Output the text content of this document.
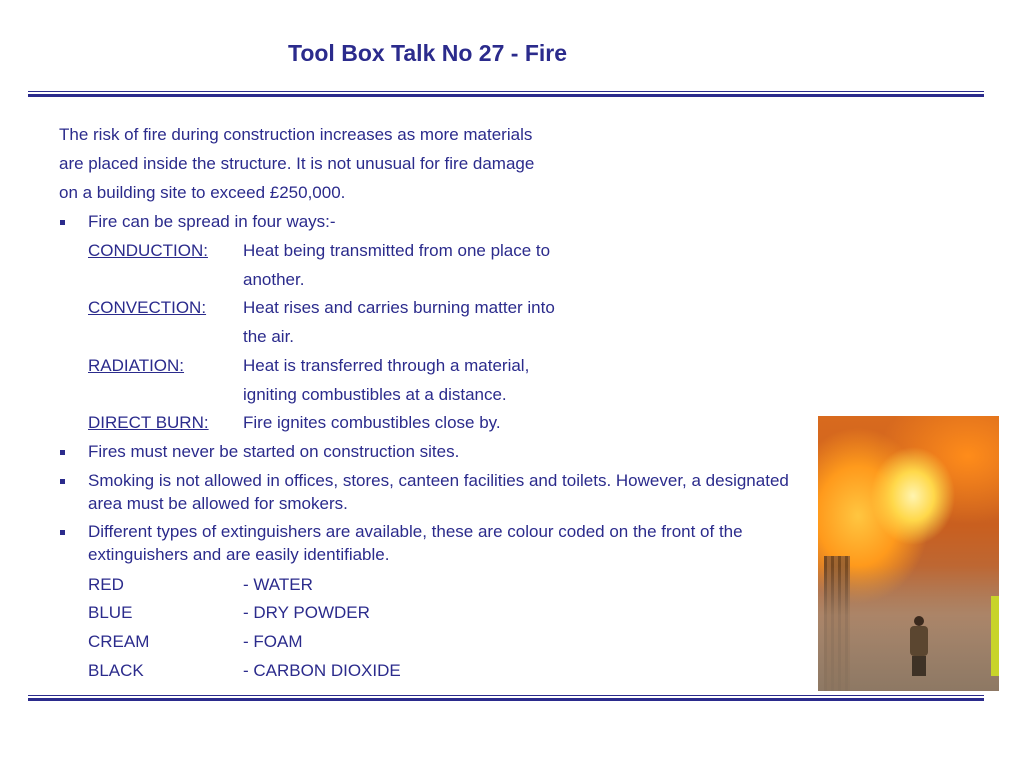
Tool Box Talk No 27 - Fire
The risk of fire during construction increases as more materials
are placed inside the structure. It is not unusual for fire damage
on a building site to exceed £250,000.
Fire can be spread in four ways:-
CONDUCTION: Heat being transmitted from one place to
another.
CONVECTION: Heat rises and carries burning matter into
the air.
RADIATION:	Heat is transferred through a material,
igniting combustibles at a distance.
DIRECT BURN: Fire ignites combustibles close by.
Fires must never be started on construction sites.
Smoking is not allowed in offices, stores, canteen facilities and toilets. However, a designated area must be allowed for smokers.
Different types of extinguishers are available, these are colour coded on the front of the extinguishers and are easily identifiable.
RED	- WATER
BLUE	- DRY POWDER
CREAM	- FOAM
BLACK	- CARBON DIOXIDE
